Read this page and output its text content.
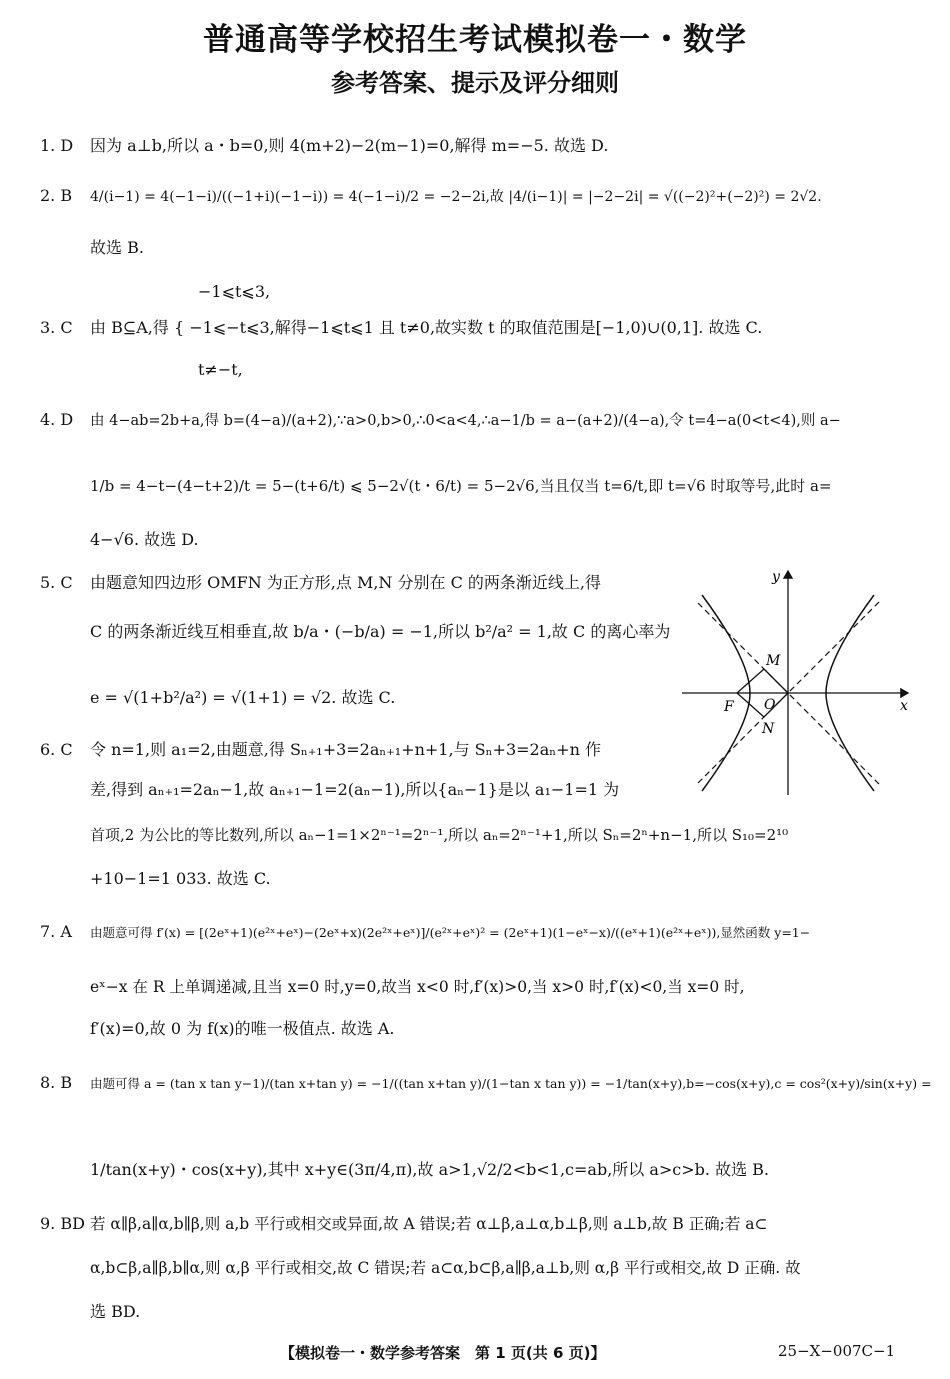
普通高等学校招生考试模拟卷一・数学
参考答案、提示及评分细则
1. D 因为 a⊥b,所以 a・b=0,则 4(m+2)−2(m−1)=0,解得 m=−5. 故选 D.
2. B 4/(i−1) = 4(−1−i)/((−1+i)(−1−i)) = 4(−1−i)/2 = −2−2i,故 |4/(i−1)| = |−2−2i| = √((−2)²+(−2)²) = 2√2.
故选 B.
−1⩽t⩽3,
3. C 由 B⊆A,得 { −1⩽−t⩽3,解得−1⩽t⩽1 且 t≠0,故实数 t 的取值范围是[−1,0)∪(0,1]. 故选 C.
t≠−t,
4. D 由 4−ab=2b+a,得 b=(4−a)/(a+2),∵a>0,b>0,∴0<a<4,∴a−1/b = a−(a+2)/(4−a),令 t=4−a(0<t<4),则 a−
1/b = 4−t−(4−t+2)/t = 5−(t+6/t) ⩽ 5−2√(t・6/t) = 5−2√6,当且仅当 t=6/t,即 t=√6 时取等号,此时 a=
4−√6. 故选 D.
5. C 由题意知四边形 OMFN 为正方形,点 M,N 分别在 C 的两条渐近线上,得
C 的两条渐近线互相垂直,故 b/a・(−b/a) = −1,所以 b²/a² = 1,故 C 的离心率为
e = √(1+b²/a²) = √(1+1) = √2. 故选 C.
6. C 令 n=1,则 a₁=2,由题意,得 Sₙ₊₁+3=2aₙ₊₁+n+1,与 Sₙ+3=2aₙ+n 作
差,得到 aₙ₊₁=2aₙ−1,故 aₙ₊₁−1=2(aₙ−1),所以{aₙ−1}是以 a₁−1=1 为
首项,2 为公比的等比数列,所以 aₙ−1=1×2ⁿ⁻¹=2ⁿ⁻¹,所以 aₙ=2ⁿ⁻¹+1,所以 Sₙ=2ⁿ+n−1,所以 S₁₀=2¹⁰
+10−1=1 033. 故选 C.
7. A 由题意可得 f′(x) = [(2eˣ+1)(e²ˣ+eˣ)−(2eˣ+x)(2e²ˣ+eˣ)]/(e²ˣ+eˣ)² = (2eˣ+1)(1−eˣ−x)/((eˣ+1)(e²ˣ+eˣ)),显然函数 y=1−
eˣ−x 在 R 上单调递减,且当 x=0 时,y=0,故当 x<0 时,f′(x)>0,当 x>0 时,f′(x)<0,当 x=0 时,
f′(x)=0,故 0 为 f(x)的唯一极值点. 故选 A.
8. B 由题可得 a = (tan x tan y−1)/(tan x+tan y) = −1/((tan x+tan y)/(1−tan x tan y)) = −1/tan(x+y),b=−cos(x+y),c = cos²(x+y)/sin(x+y) =
1/tan(x+y)・cos(x+y),其中 x+y∈(3π/4,π),故 a>1,√2/2<b<1,c=ab,所以 a>c>b. 故选 B.
9. BD 若 α∥β,a∥α,b∥β,则 a,b 平行或相交或异面,故 A 错误;若 α⊥β,a⊥α,b⊥β,则 a⊥b,故 B 正确;若 a⊂
α,b⊂β,a∥β,b∥α,则 α,β 平行或相交,故 C 错误;若 a⊂α,b⊂β,a∥β,a⊥b,则 α,β 平行或相交,故 D 正确. 故
选 BD.
x
y
O
F
M
N
【模拟卷一・数学参考答案　第 1 页(共 6 页)】	25−X−007C−1
